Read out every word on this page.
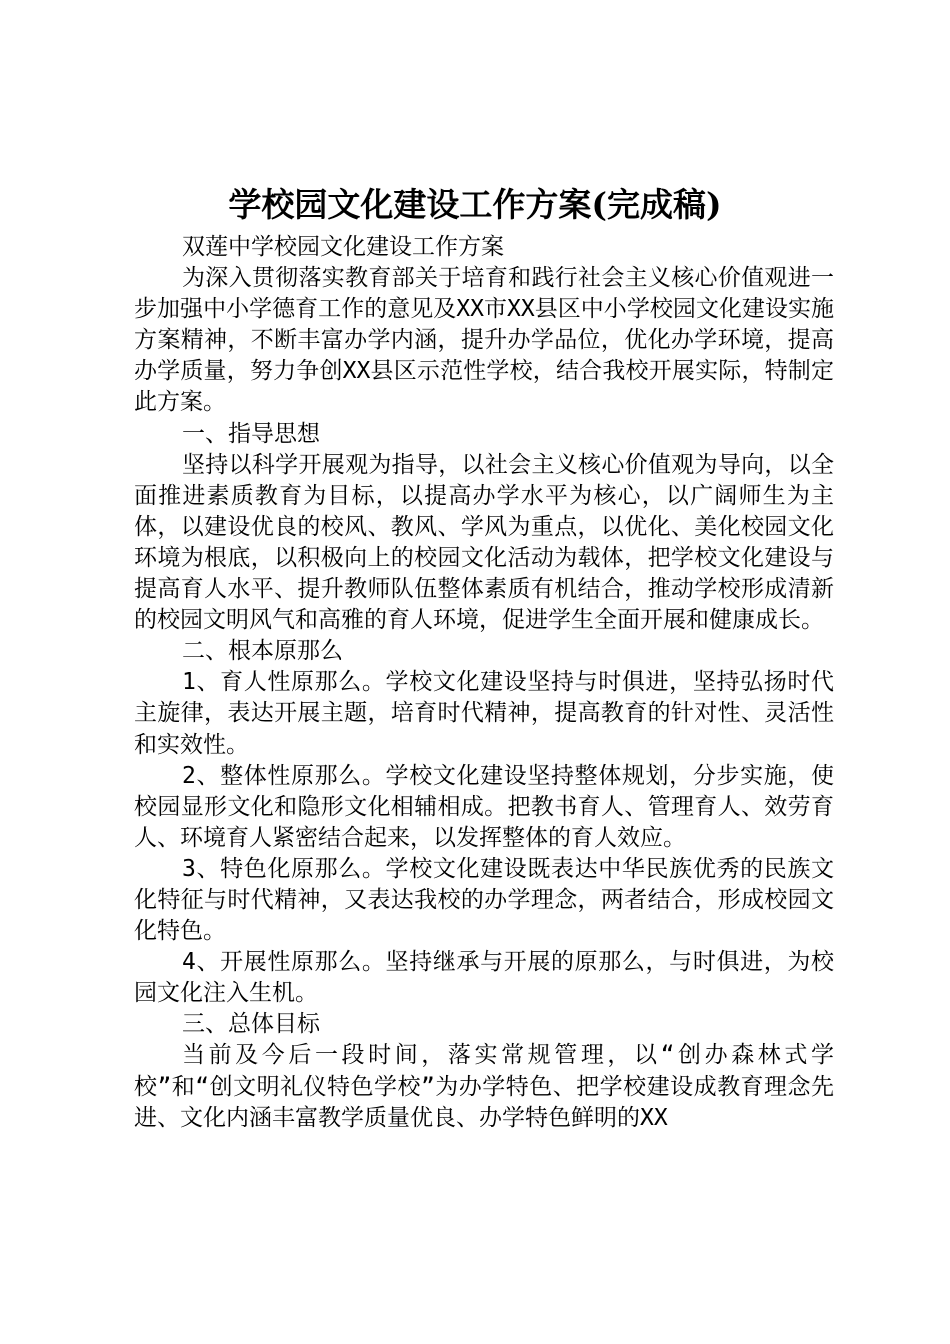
学校园文化建设工作方案(完成稿)

双莲中学校园文化建设工作方案

为深入贯彻落实教育部关于培育和践行社会主义核心价值观进一步加强中小学德育工作的意见及XX市XX县区中小学校园文化建设实施方案精神，不断丰富办学内涵，提升办学品位，优化办学环境，提高办学质量，努力争创XX县区示范性学校，结合我校开展实际，特制定此方案。

一、指导思想

坚持以科学开展观为指导，以社会主义核心价值观为导向，以全面推进素质教育为目标，以提高办学水平为核心，以广阔师生为主体，以建设优良的校风、教风、学风为重点，以优化、美化校园文化环境为根底，以积极向上的校园文化活动为载体，把学校文化建设与提高育人水平、提升教师队伍整体素质有机结合，推动学校形成清新的校园文明风气和高雅的育人环境，促进学生全面开展和健康成长。

二、根本原那么

1、育人性原那么。学校文化建设坚持与时俱进，坚持弘扬时代主旋律，表达开展主题，培育时代精神，提高教育的针对性、灵活性和实效性。

2、整体性原那么。学校文化建设坚持整体规划，分步实施，使校园显形文化和隐形文化相辅相成。把教书育人、管理育人、效劳育人、环境育人紧密结合起来，以发挥整体的育人效应。

3、特色化原那么。学校文化建设既表达中华民族优秀的民族文化特征与时代精神，又表达我校的办学理念，两者结合，形成校园文化特色。

4、开展性原那么。坚持继承与开展的原那么，与时俱进，为校园文化注入生机。

三、总体目标

当前及今后一段时间，落实常规管理，以“创办森林式学校”和“创文明礼仪特色学校”为办学特色、把学校建设成教育理念先进、文化内涵丰富教学质量优良、办学特色鲜明的XX
